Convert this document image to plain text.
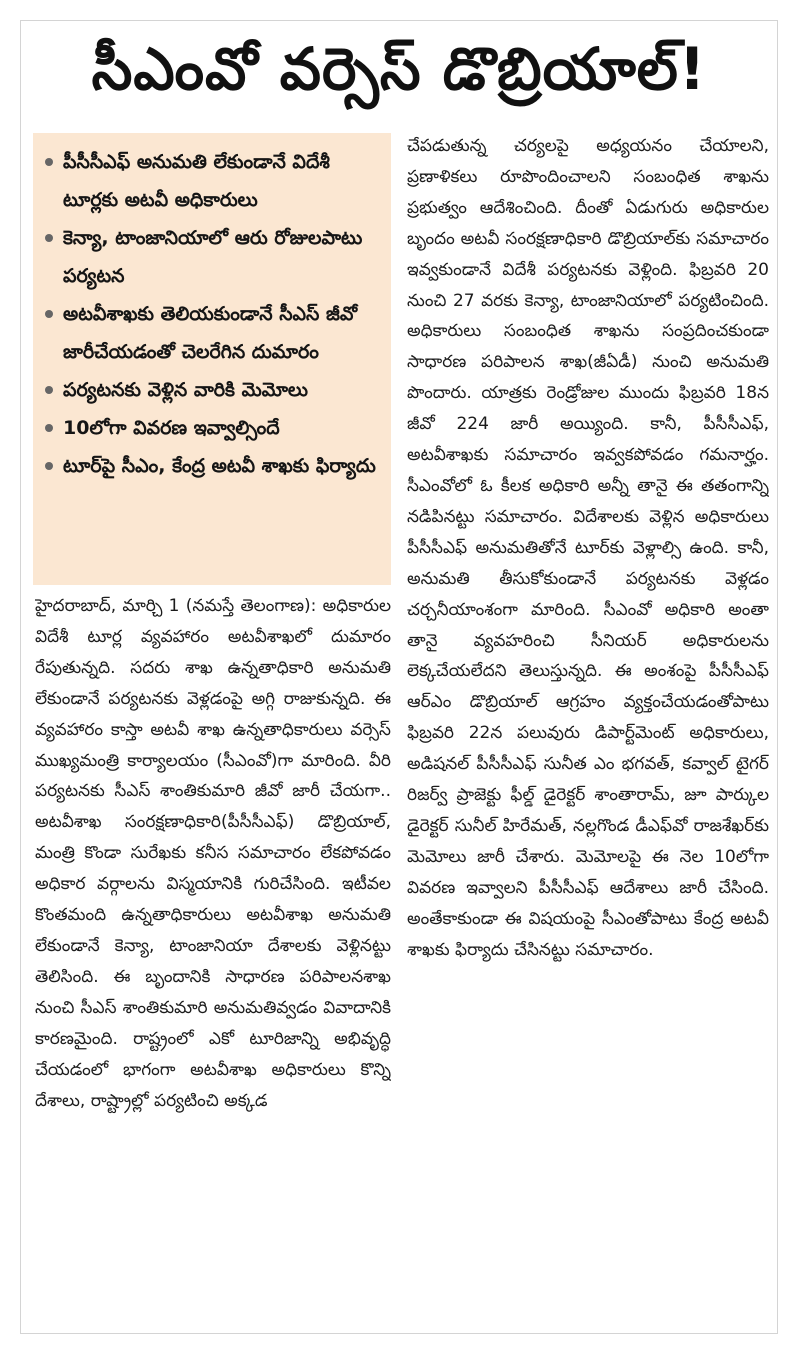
సీఎంవో వర్సెస్ డొబ్రియాల్!
పీసీసీఎఫ్ అనుమతి లేకుండానే విదేశీ టూర్లకు అటవీ అధికారులు
కెన్యా, టాంజానియాలో ఆరు రోజులపాటు పర్యటన
అటవీశాఖకు తెలియకుండానే సీఎస్ జీవో జారీచేయడంతో చెలరేగిన దుమారం
పర్యటనకు వెళ్లిన వారికి మెమోలు
10లోగా వివరణ ఇవ్వాల్సిందే
టూర్‌పై సీఎం, కేంద్ర అటవీ శాఖకు ఫిర్యాదు
హైదరాబాద్, మార్చి 1 (నమస్తే తెలంగాణ): అధికారుల విదేశీ టూర్ల వ్యవహారం అటవీశాఖలో దుమారం రేపుతున్నది. సదరు శాఖ ఉన్నతాధికారి అనుమతి లేకుండానే పర్యటనకు వెళ్లడంపై అగ్గి రాజుకున్నది. ఈ వ్యవహారం కాస్తా అటవీ శాఖ ఉన్నతాధికారులు వర్సెస్ ముఖ్యమంత్రి కార్యాలయం (సీఎంవో)గా మారింది. వీరి పర్యటనకు సీఎస్ శాంతికుమారి జీవో జారీ చేయగా.. అటవీశాఖ సంరక్షణాధికారి(పీసీసీఎఫ్) డొబ్రియాల్, మంత్రి కొండా సురేఖకు కనీస సమాచారం లేకపోవడం అధికార వర్గాలను విస్మయానికి గురిచేసింది. ఇటీవల కొంతమంది ఉన్నతాధికారులు అటవీశాఖ అనుమతి లేకుండానే కెన్యా, టాంజానియా దేశాలకు వెళ్లినట్టు తెలిసింది. ఈ బృందానికి సాధారణ పరిపాలనశాఖ నుంచి సీఎస్ శాంతికుమారి అనుమతివ్వడం వివాదానికి కారణమైంది. రాష్ట్రంలో ఎకో టూరిజాన్ని అభివృద్ధి చేయడంలో భాగంగా అటవీశాఖ అధికారులు కొన్ని దేశాలు, రాష్ట్రాల్లో పర్యటించి అక్కడ
చేపడుతున్న చర్యలపై అధ్యయనం చేయాలని, ప్రణాళికలు రూపొందించాలని సంబంధిత శాఖను ప్రభుత్వం ఆదేశించింది. దీంతో ఏడుగురు అధికారుల బృందం అటవీ సంరక్షణాధికారి డొబ్రియాల్‌కు సమాచారం ఇవ్వకుండానే విదేశీ పర్యటనకు వెళ్లింది. ఫిబ్రవరి 20 నుంచి 27 వరకు కెన్యా, టాంజానియాలో పర్యటించింది. అధికారులు సంబంధిత శాఖను సంప్రదించకుండా సాధారణ పరిపాలన శాఖ(జీఏడీ) నుంచి అనుమతి పొందారు. యాత్రకు రెండ్రోజుల ముందు ఫిబ్రవరి 18న జీవో 224 జారీ అయ్యింది. కానీ, పీసీసీఎఫ్, అటవీశాఖకు సమాచారం ఇవ్వకపోవడం గమనార్హం. సీఎంవోలో ఓ కీలక అధికారి అన్నీ తానై ఈ తతంగాన్ని నడిపినట్టు సమాచారం. విదేశాలకు వెళ్లిన అధికారులు పీసీసీఎఫ్ అనుమతితోనే టూర్‌కు వెళ్లాల్సి ఉంది. కానీ, అనుమతి తీసుకోకుండానే పర్యటనకు వెళ్లడం చర్చనీయాంశంగా మారింది. సీఎంవో అధికారి అంతా తానై వ్యవహరించి సీనియర్ అధికారులను లెక్కచేయలేదని తెలుస్తున్నది. ఈ అంశంపై పీసీసీఎఫ్ ఆర్ఎం డొబ్రియాల్ ఆగ్రహం వ్యక్తంచేయడంతోపాటు ఫిబ్రవరి 22న పలువురు డిపార్ట్‌మెంట్ అధికారులు, అడిషనల్ పీసీసీఎఫ్ సునీత ఎం భగవత్, కవ్వాల్ టైగర్ రిజర్వ్ ప్రాజెక్టు ఫీల్డ్ డైరెక్టర్ శాంతారామ్, జూ పార్కుల డైరెక్టర్ సునీల్ హిరేమత్, నల్లగొండ డీఎఫ్‌వో రాజశేఖర్‌కు మెమోలు జారీ చేశారు. మెమోలపై ఈ నెల 10లోగా వివరణ ఇవ్వాలని పీసీసీఎఫ్ ఆదేశాలు జారీ చేసింది. అంతేకాకుండా ఈ విషయంపై సీఎంతోపాటు కేంద్ర అటవీ శాఖకు ఫిర్యాదు చేసినట్టు సమాచారం.
